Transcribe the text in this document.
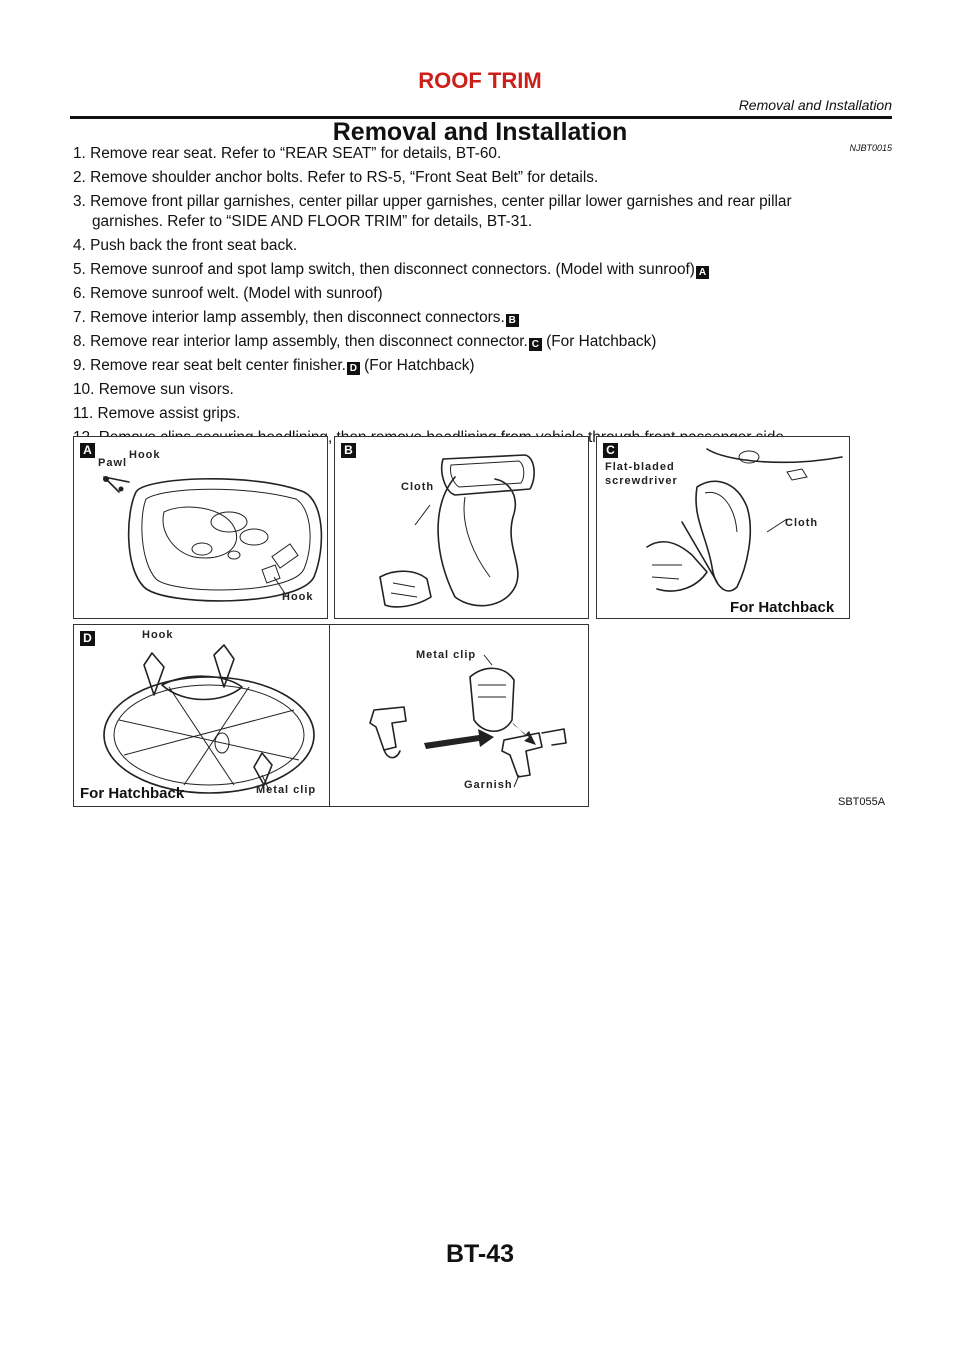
ROOF TRIM
Removal and Installation
Removal and Installation
NJBT0015
1. Remove rear seat. Refer to “REAR SEAT” for details, BT-60.
2. Remove shoulder anchor bolts. Refer to RS-5, “Front Seat Belt” for details.
3. Remove front pillar garnishes, center pillar upper garnishes, center pillar lower garnishes and rear pillar
garnishes. Refer to “SIDE AND FLOOR TRIM” for details, BT-31.
4. Push back the front seat back.
5. Remove sunroof and spot lamp switch, then disconnect connectors. (Model with sunroof) A
6. Remove sunroof welt. (Model with sunroof)
7. Remove interior lamp assembly, then disconnect connectors. B
8. Remove rear interior lamp assembly, then disconnect connector. C (For Hatchback)
9. Remove rear seat belt center finisher. D (For Hatchback)
10. Remove sun visors.
11. Remove assist grips.
A
Pawl
Hook
Hook
B
Cloth
C
Flat-bladed
screwdriver
Cloth
For Hatchback
D	Hook
Metal clip
Metal clip
Garnish
For Hatchback	SBT055A
BT-43
